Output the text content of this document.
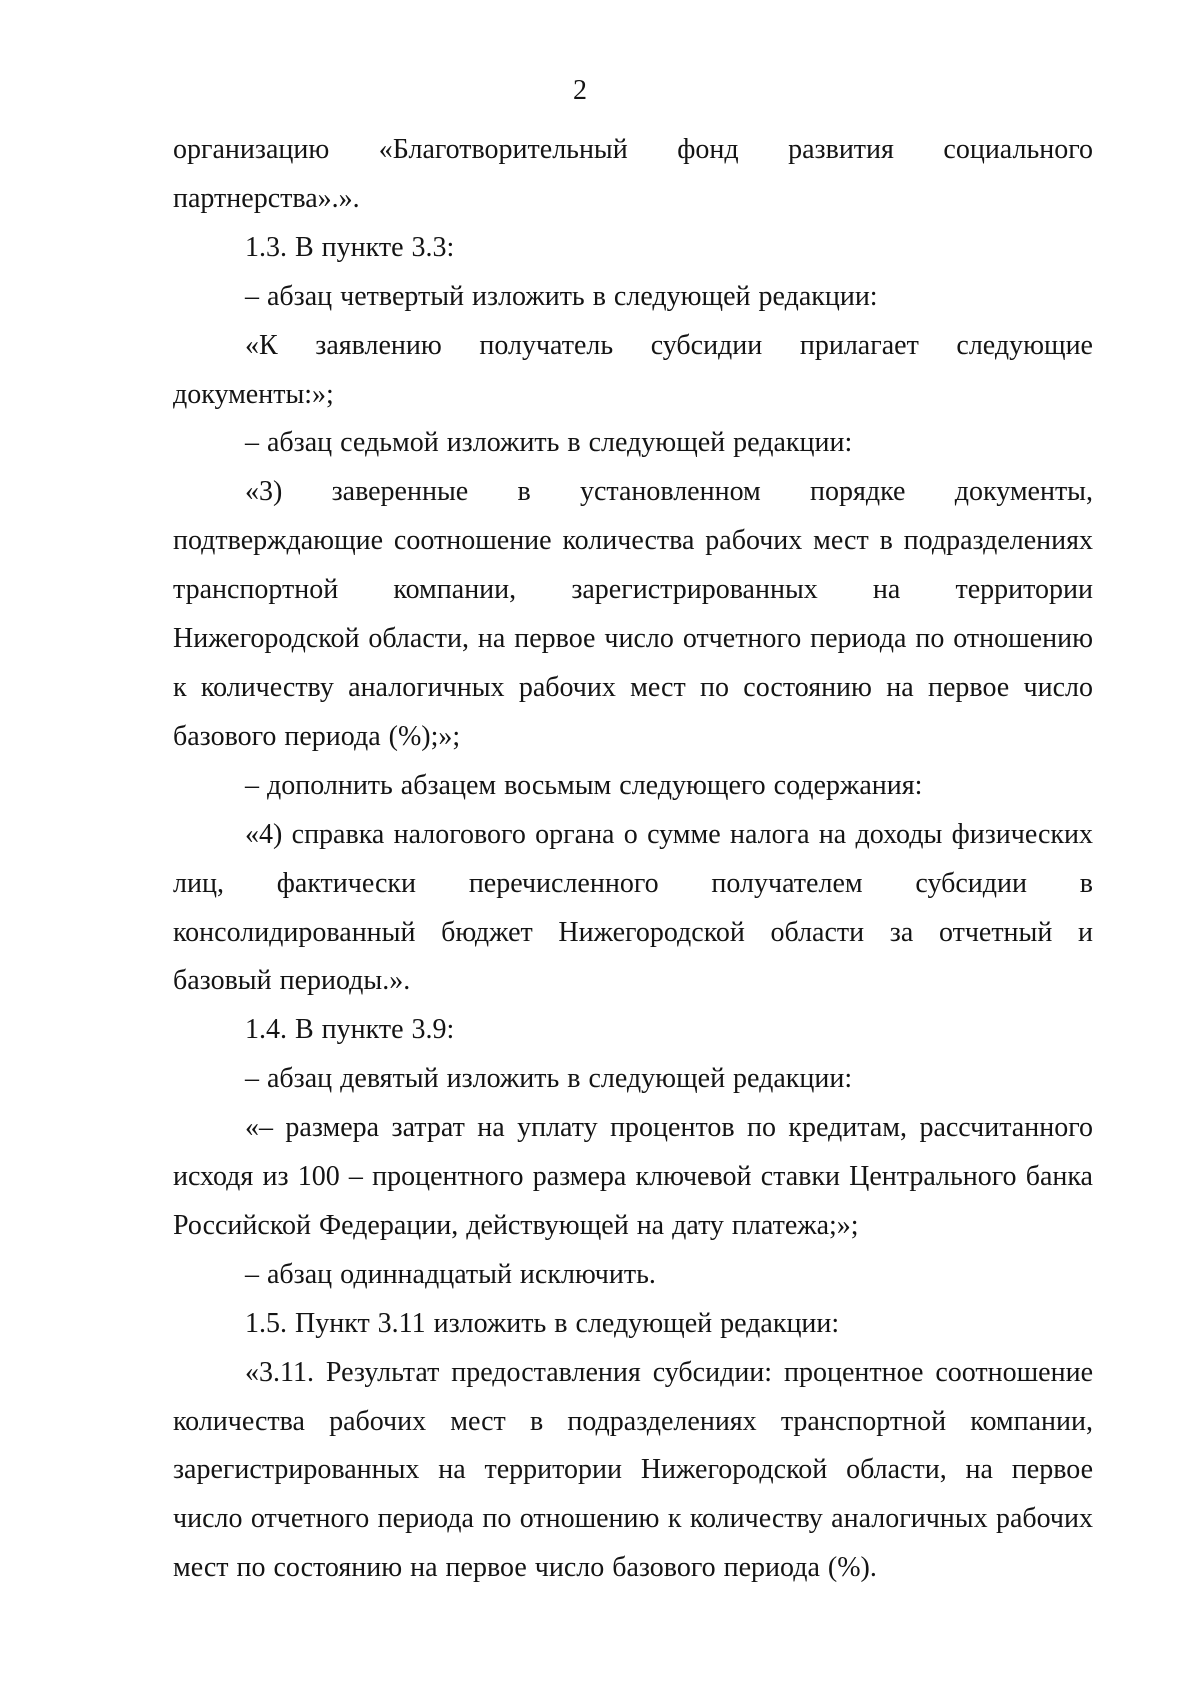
2

организацию «Благотворительный фонд развития социального партнерства».».

1.3. В пункте 3.3:

– абзац четвертый изложить в следующей редакции:

«К заявлению получатель субсидии прилагает следующие документы:»;

– абзац седьмой изложить в следующей редакции:

«3) заверенные в установленном порядке документы, подтверждающие соотношение количества рабочих мест в подразделениях транспортной компании, зарегистрированных на территории Нижегородской области, на первое число отчетного периода по отношению к количеству аналогичных рабочих мест по состоянию на первое число базового периода (%);»;

– дополнить абзацем восьмым следующего содержания:

«4) справка налогового органа о сумме налога на доходы физических лиц, фактически перечисленного получателем субсидии в консолидированный бюджет Нижегородской области за отчетный и базовый периоды.».

1.4. В пункте 3.9:

– абзац девятый изложить в следующей редакции:

«– размера затрат на уплату процентов по кредитам, рассчитанного исходя из 100 – процентного размера ключевой ставки Центрального банка Российской Федерации, действующей на дату платежа;»;

– абзац одиннадцатый исключить.

1.5. Пункт 3.11 изложить в следующей редакции:

«3.11. Результат предоставления субсидии: процентное соотношение количества рабочих мест в подразделениях транспортной компании, зарегистрированных на территории Нижегородской области, на первое число отчетного периода по отношению к количеству аналогичных рабочих мест по состоянию на первое число базового периода (%).
